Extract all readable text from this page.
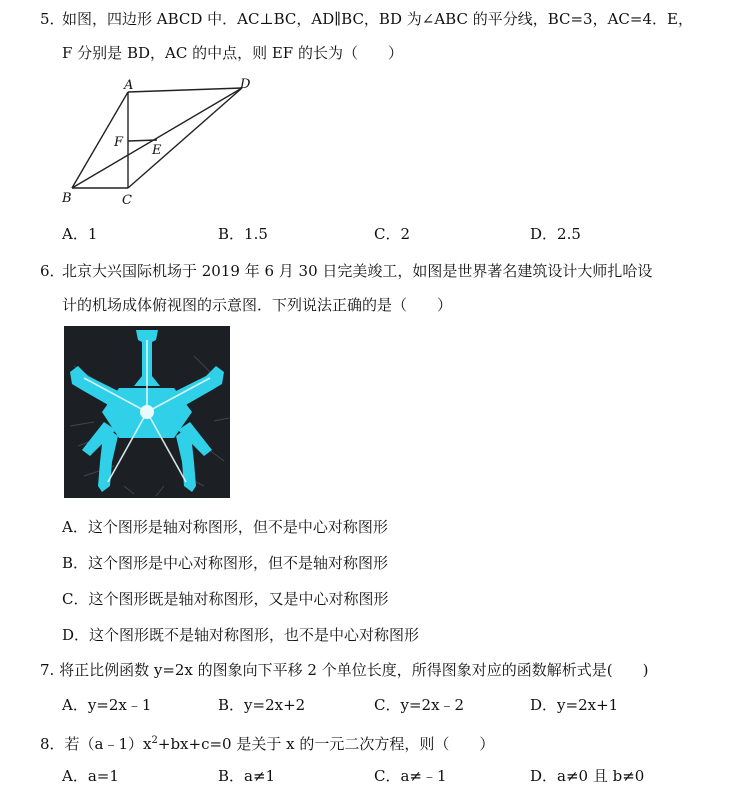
5．
如图，四边形 ABCD 中．AC⊥BC，AD∥BC，BD 为∠ABC 的平分线，BC=3，AC=4．E，
F 分别是 BD，AC 的中点，则 EF 的长为（　　）
A	D
F
E
B	C
A．1	B．1.5	C．2	D．2.5
6．
北京大兴国际机场于 2019 年 6 月 30 日完美竣工，如图是世界著名建筑设计大师扎哈设
计的机场成体俯视图的示意图．下列说法正确的是（　　）
A．这个图形是轴对称图形，但不是中心对称图形
B．这个图形是中心对称图形，但不是轴对称图形
C．这个图形既是轴对称图形，又是中心对称图形
D．这个图形既不是轴对称图形，也不是中心对称图形
7. 将正比例函数 y=2x 的图象向下平移 2 个单位长度，所得图象对应的函数解析式是(　　)
A．y=2x﹣1	B．y=2x+2	C．y=2x﹣2	D．y=2x+1
8．若$(a﹣1)x^2+bx+c=0$ 是关于 x 的一元二次方程，则（　　）
A．a=1	B．a≠1	C．a≠﹣1	D．a≠0 且 b≠0
